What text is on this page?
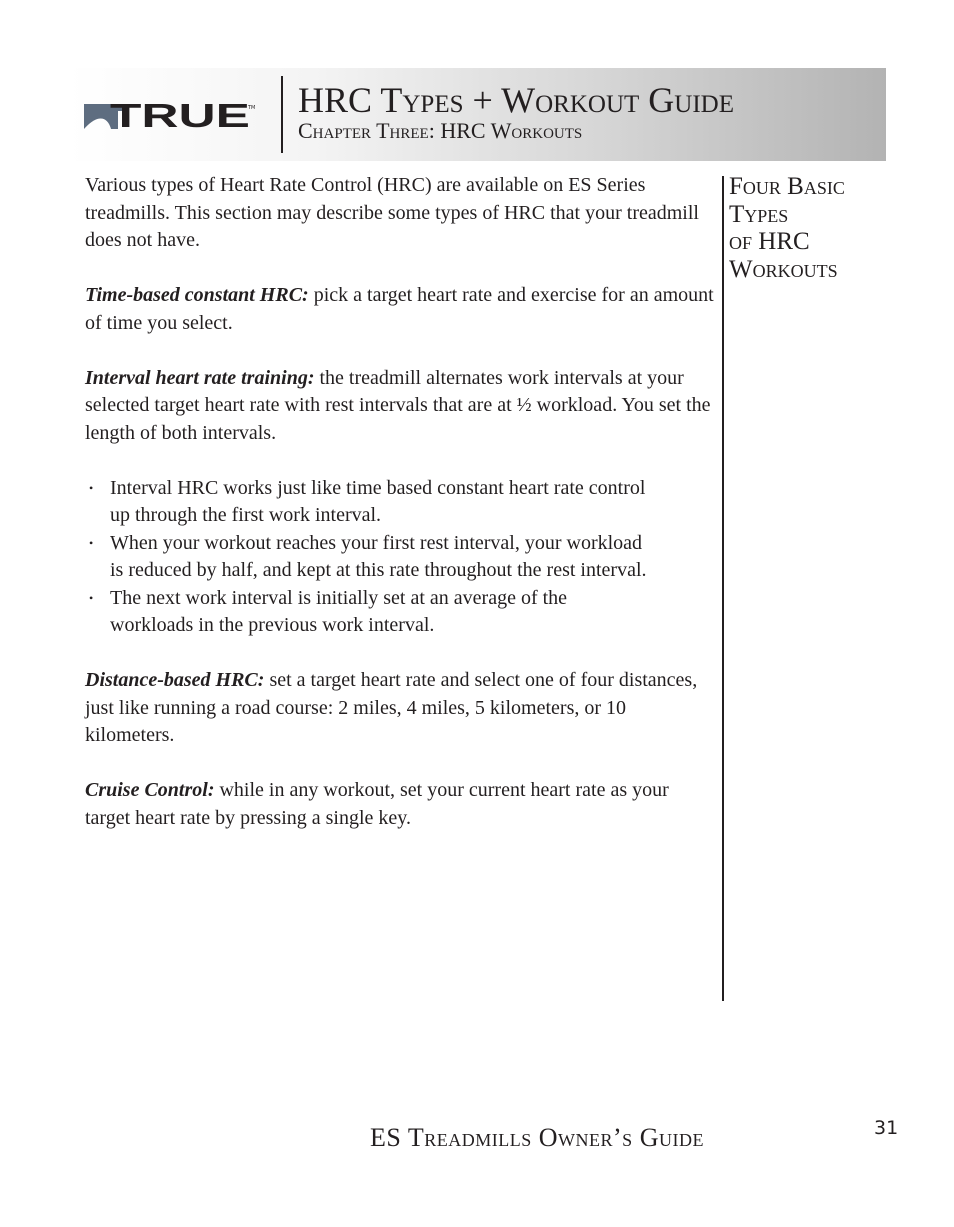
TRUE
TM HRC Types + Workout Guide
Chapter Three: HRC Workouts

Various types of Heart Rate Control (HRC) are available on ES Series treadmills. This section may describe some types of HRC that your treadmill does not have.

Time-based constant HRC: pick a target heart rate and exercise for an amount of time you select.

Interval heart rate training: the treadmill alternates work intervals at your selected target heart rate with rest intervals that are at ½ workload. You set the length of both intervals.

• Interval HRC works just like time based constant heart rate control up through the first work interval.
• When your workout reaches your first rest interval, your workload is reduced by half, and kept at this rate throughout the rest interval.
• The next work interval is initially set at an average of the workloads in the previous work interval.

Distance-based HRC: set a target heart rate and select one of four distances, just like running a road course: 2 miles, 4 miles, 5 kilometers, or 10 kilometers.

Cruise Control: while in any workout, set your current heart rate as your target heart rate by pressing a single key.

Four Basic
Types
of HRC
Workouts
ES Treadmills Owner’s Guide	31
